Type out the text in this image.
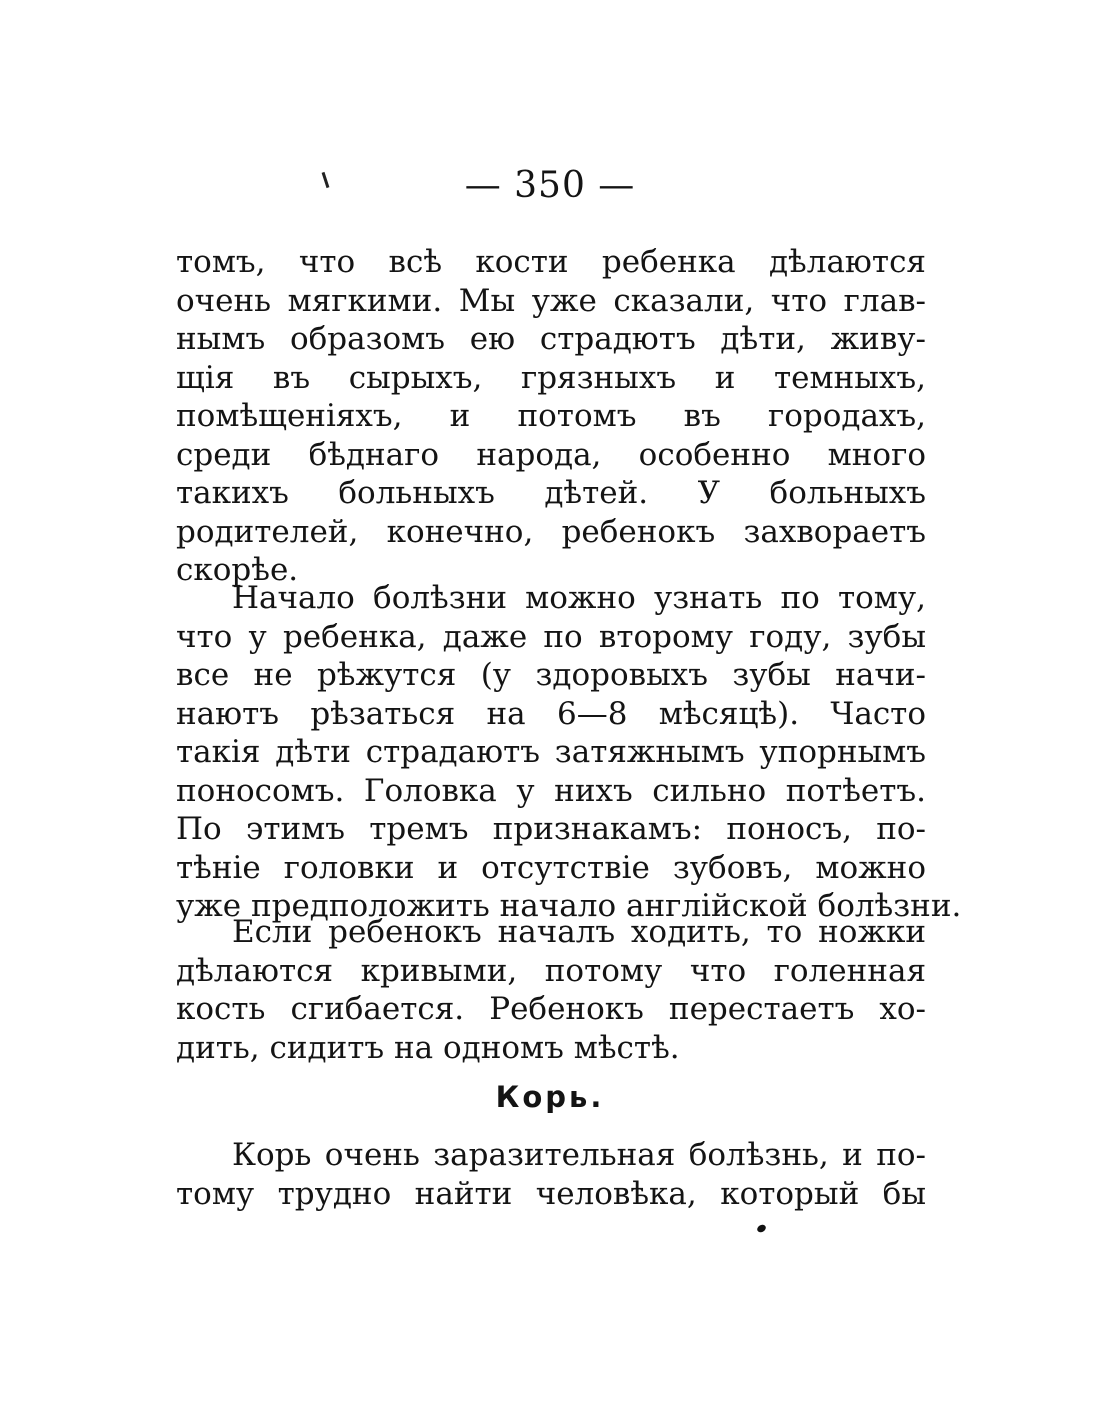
— 350 —
томъ, что всѣ кости ребенка дѣлаются
очень мягкими. Мы уже сказали, что глав-
нымъ образомъ ею страдютъ дѣти, живу-
щія въ сырыхъ, грязныхъ и темныхъ,
помѣщеніяхъ, и потомъ въ городахъ,
среди бѣднаго народа, особенно много
такихъ больныхъ дѣтей. У больныхъ
родителей, конечно, ребенокъ захвораетъ
скорѣе.
Начало болѣзни можно узнать по тому,
что у ребенка, даже по второму году, зубы
все не рѣжутся (у здоровыхъ зубы начи-
наютъ рѣзаться на 6—8 мѣсяцѣ). Часто
такія дѣти страдаютъ затяжнымъ упорнымъ
поносомъ. Головка у нихъ сильно потѣетъ.
По этимъ тремъ признакамъ: поносъ, по-
тѣніе головки и отсутствіе зубовъ, можно
уже предположить начало англійской болѣзни.
Если ребенокъ началъ ходить, то ножки
дѣлаются кривыми, потому что голенная
кость сгибается. Ребенокъ перестаетъ хо-
дить, сидитъ на одномъ мѣстѣ.
Корь.
Корь очень заразительная болѣзнь, и по-
тому трудно найти человѣка, который бы
